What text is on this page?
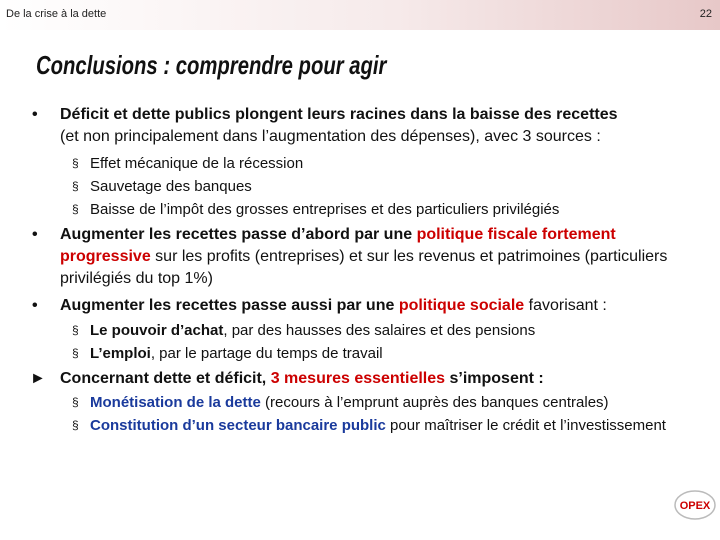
De la crise à la dette	22
Conclusions : comprendre pour agir
•	Déficit et dette publics plongent leurs racines dans la baisse des recettes
(et non principalement dans l’augmentation des dépenses), avec 3 sources :
§ Effet mécanique de la récession
§ Sauvetage des banques
§ Baisse de l’impôt des grosses entreprises et des particuliers privilégiés
•	Augmenter les recettes passe d’abord par une politique fiscale fortement progressive sur les profits (entreprises) et sur les revenus et patrimoines (particuliers privilégiés du top 1%)
•	Augmenter les recettes passe aussi par une politique sociale favorisant :
§ Le pouvoir d’achat, par des hausses des salaires et des pensions
§ L’emploi, par le partage du temps de travail
► Concernant dette et déficit, 3 mesures essentielles s’imposent :
§ Monétisation de la dette (recours à l’emprunt auprès des banques centrales)
§ Constitution d’un secteur bancaire public pour maîtriser le crédit et l’investissement
OPEX
